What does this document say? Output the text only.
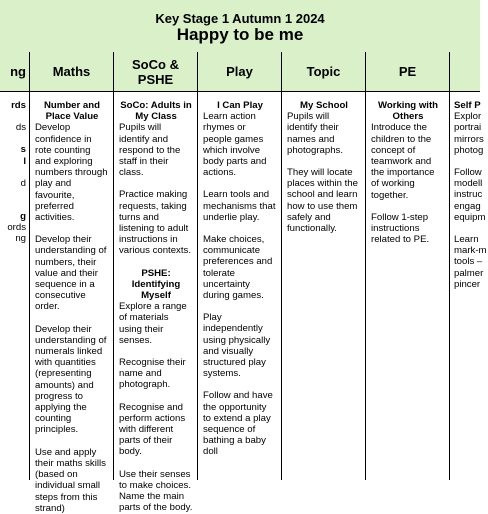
Key Stage 1 Autumn 1 2024
Happy to be me
ng
rds
ds
s
l
d
g
ords
ng
Maths
Number and Place Value
Develop confidence in rote counting and exploring numbers through play and favourite, preferred activities.
Develop their understanding of numbers, their value and their sequence in a consecutive order.
Develop their understanding of numerals linked with quantities (representing amounts) and progress to applying the counting principles.
Use and apply their maths skills (based on individual small steps from this strand)
SoCo & PSHE
SoCo: Adults in My Class
Pupils will identify and respond to the staff in their class.
Practice making requests, taking turns and listening to adult instructions in various contexts.
PSHE: Identifying Myself
Explore a range of materials using their senses.
Recognise their name and photograph.
Recognise and perform actions with different parts of their body.
Use their senses to make choices. Name the main parts of the body.
Play
I Can Play
Learn action rhymes or people games which involve body parts and actions.
Learn tools and mechanisms that underlie play.
Make choices, communicate preferences and tolerate uncertainty during games.
Play independently using physically and visually structured play systems.
Follow and have the opportunity to extend a play sequence of bathing a baby doll
Topic
My School
Pupils will identify their names and photographs.
They will locate places within the school and learn how to use them safely and functionally.
PE
Working with Others
Introduce the children to the concept of teamwork and the importance of working together.
Follow 1-step instructions related to PE.
Self P
Explor portrai mirrors photog
Follow modell instruc engag equipm
Learn mark-m tools – palmer pincer
